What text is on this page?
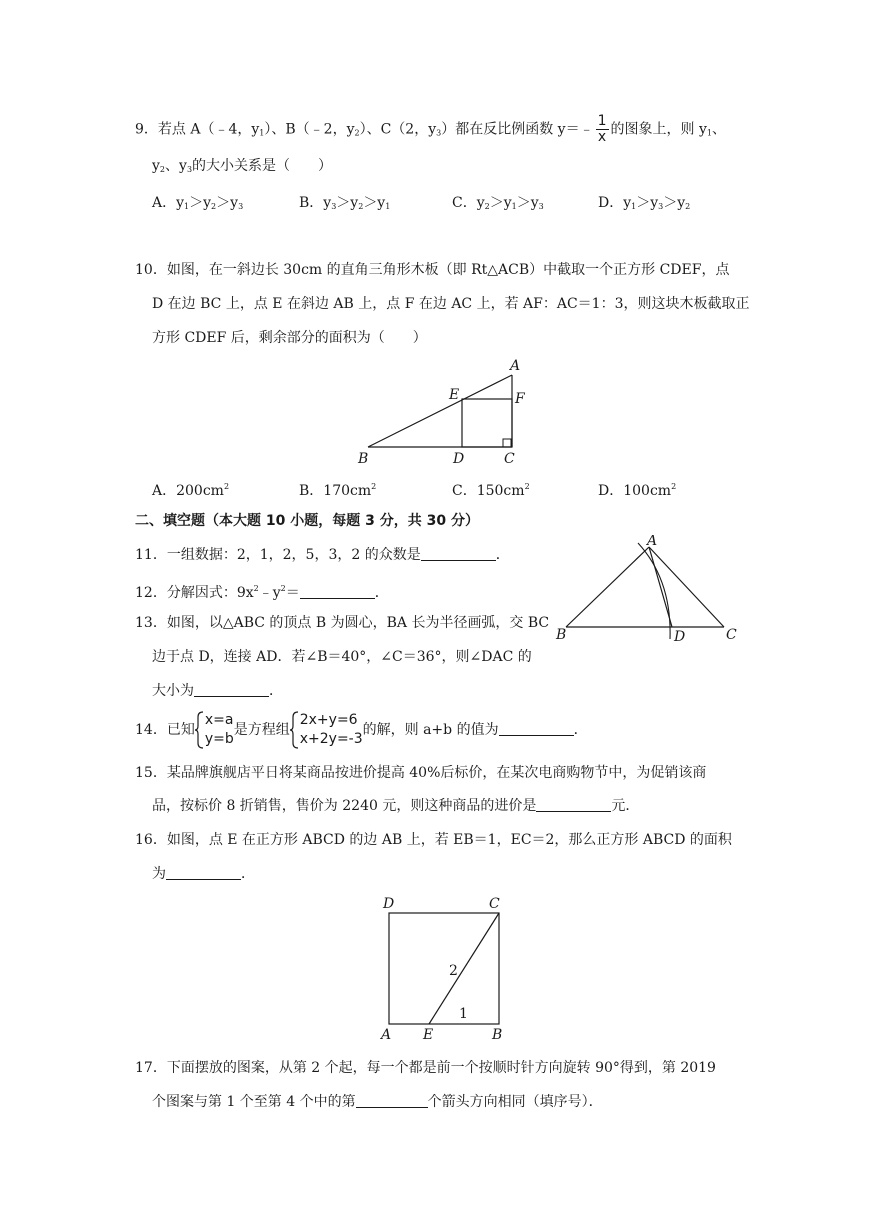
9．若点 A（﹣4，$y_1$）、B（﹣2，$y_2$）、C（2，$y_3$）都在反比例函数 y＝﹣ $\frac{1}{x}$ 的图象上，则 $y_1$、
$y_2$、$y_3$的大小关系是（　　）
A．$y_1>y_2>y_3$	B．$y_3>y_2>y_1$	C．$y_2>y_1>y_3$	D．$y_1>y_3>y_2$
10．如图，在一斜边长 30cm 的直角三角形木板（即 Rt△ACB）中截取一个正方形 CDEF，点
D 在边 BC 上，点 E 在斜边 AB 上，点 F 在边 AC 上，若 AF：AC＝1：3，则这块木板截取正
方形 CDEF 后，剩余部分的面积为（　　）
A
E	F
B	D	C
A．$200cm^2$	B．$170cm^2$	C．$150cm^2$	D．$100cm^2$
二、填空题（本大题 10 小题，每题 3 分，共 30 分）
11．一组数据：2，1，2，5，3，2 的众数是	．
12．分解因式：$9x^2﹣y^2=$	．
13．如图，以△ABC 的顶点 B 为圆心，BA 长为半径画弧，交 BC
边于点 D，连接 AD．若∠B＝40°，∠C＝36°，则∠DAC 的
大小为	．
A
B	D	C
14．已知
x=a
y=b
是方程组
2x+y=6
x+2y=-3
的解，则 a+b 的值为	．
15．某品牌旗舰店平日将某商品按进价提高 40%后标价，在某次电商购物节中，为促销该商
品，按标价 8 折销售，售价为 2240 元，则这种商品的进价是	元．
16．如图，点 E 在正方形 ABCD 的边 AB 上，若 EB＝1，EC＝2，那么正方形 ABCD 的面积
为	．
D	C
A E	B
2
1
17．下面摆放的图案，从第 2 个起，每一个都是前一个按顺时针方向旋转 90°得到，第 2019
个图案与第 1 个至第 4 个中的第	个箭头方向相同（填序号）．
